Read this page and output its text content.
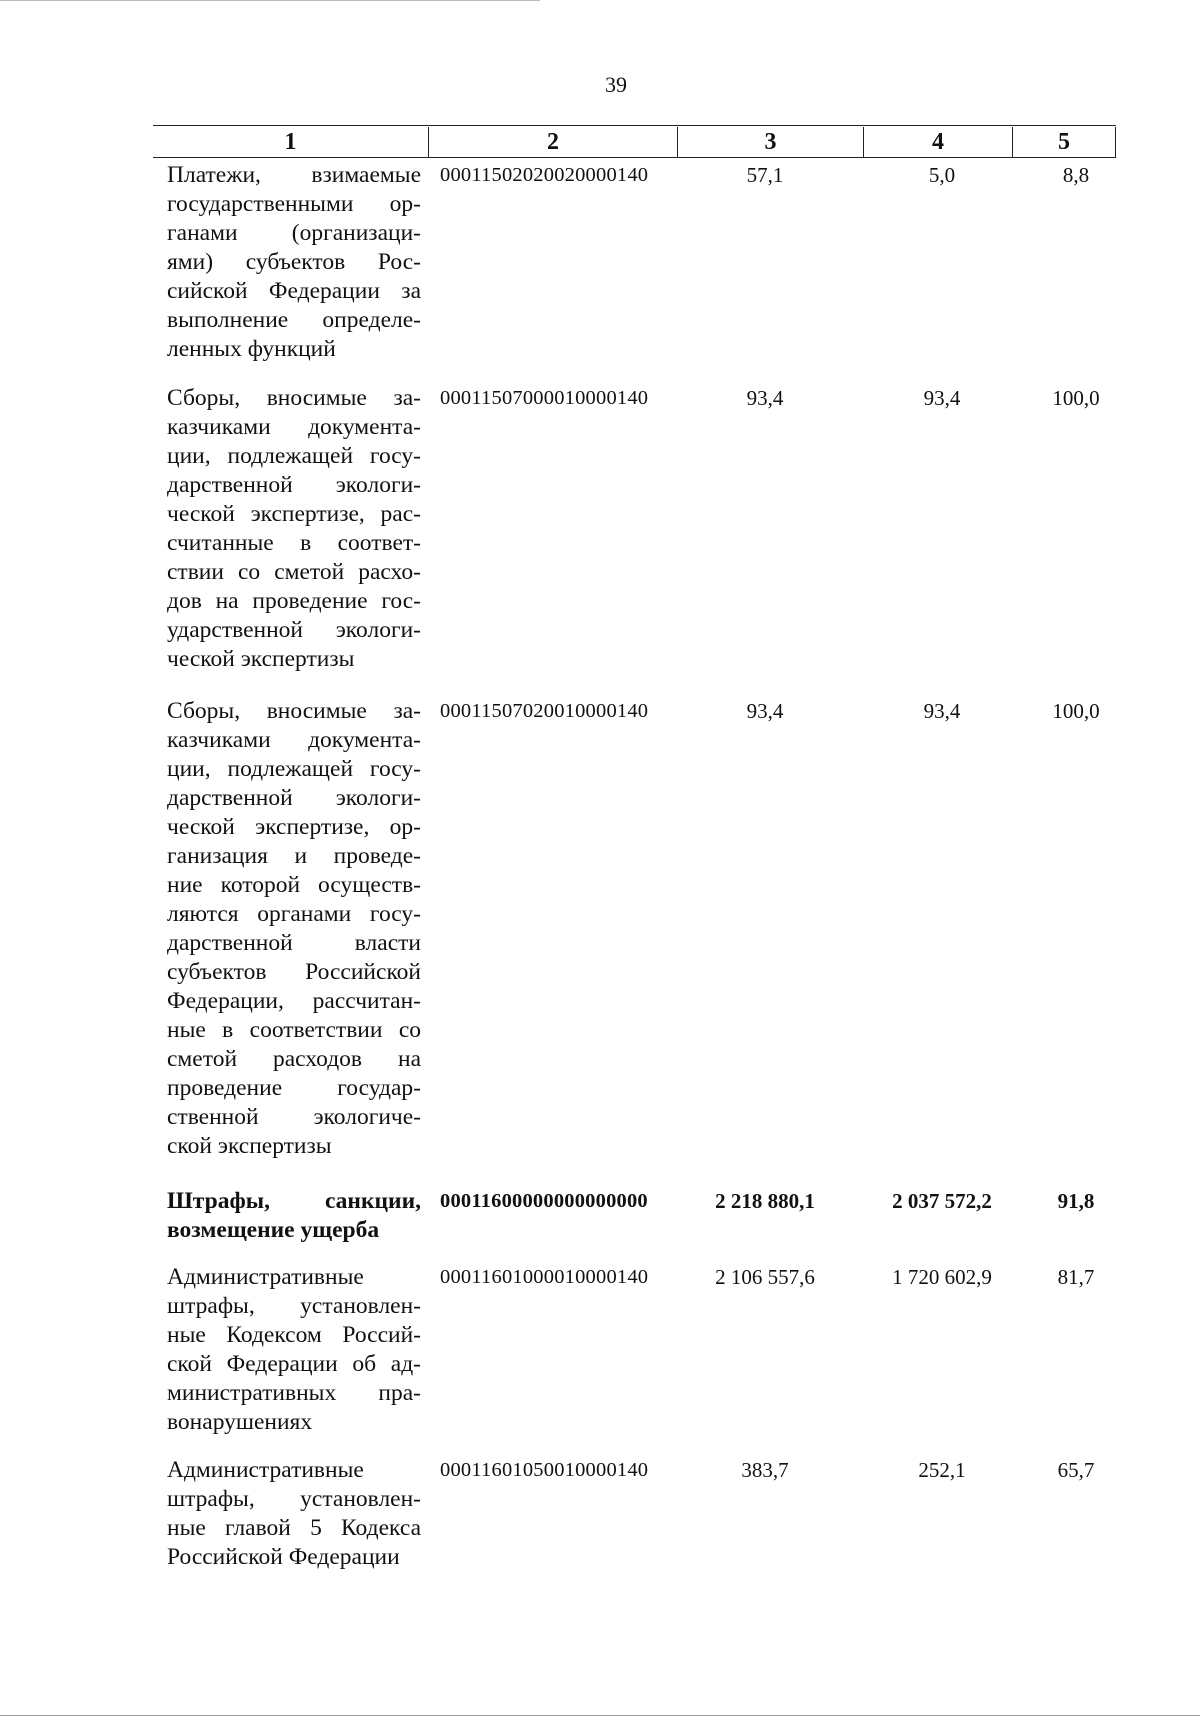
39
1	2	3	4	5
Платежи, взимаемые
государственными ор-
ганами (организаци-
ями) субъектов Рос-
сийской Федерации за
выполнение определе-
ленных функций
00011502020020000140	57,1	5,0	8,8
Сборы, вносимые за-
казчиками документа-
ции, подлежащей госу-
дарственной экологи-
ческой экспертизе, рас-
считанные в соответ-
ствии со сметой расхо-
дов на проведение гос-
ударственной экологи-
ческой экспертизы
00011507000010000140	93,4	93,4	100,0
Сборы, вносимые за-
казчиками документа-
ции, подлежащей госу-
дарственной экологи-
ческой экспертизе, ор-
ганизация и проведе-
ние которой осуществ-
ляются органами госу-
дарственной власти
субъектов Российской
Федерации, рассчитан-
ные в соответствии со
сметой расходов на
проведение государ-
ственной экологиче-
ской экспертизы
00011507020010000140	93,4	93,4	100,0
Штрафы, санкции,
возмещение ущерба
00011600000000000000	2 218 880,1	2 037 572,2	91,8
Административные
штрафы, установлен-
ные Кодексом Россий-
ской Федерации об ад-
министративных пра-
вонарушениях
00011601000010000140	2 106 557,6	1 720 602,9	81,7
Административные
штрафы, установлен-
ные главой 5 Кодекса
Российской Федерации
00011601050010000140	383,7	252,1	65,7
